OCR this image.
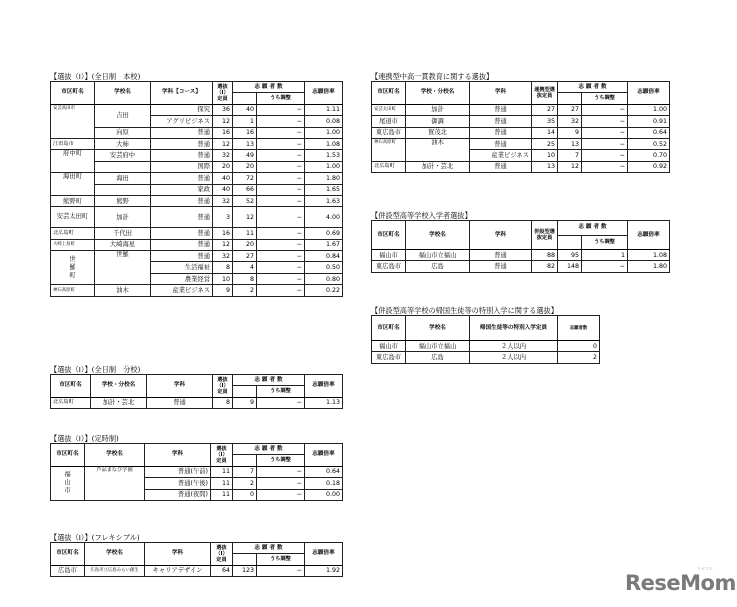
【選抜（Ⅰ）】(全日制　本校)
市区町名	学校名	学科【コース】	選抜（Ⅰ）定員	志 願 者 数		志願倍率
					うち調整	
安芸高田市	吉田	探究	36	40	−	1.11
		アグリビジネス	12	1	−	0.08
	向原	普通	16	16	−	1.00
江田島市	大柿	普通	12	13	−	1.08
府中町	安芸府中	普通	32	49	−	1.53
		国際	20	20	−	1.00
海田町	海田	普通	40	72	−	1.80
		家政	40	66	−	1.65
熊野町	熊野	普通	32	52	−	1.63
安芸太田町	加計	普通	3	12	−	4.00
北広島町	千代田	普通	16	11	−	0.69
大崎上島町	大崎海星	普通	12	20	−	1.67
世羅町	世羅	普通	32	27	−	0.84
		生活福祉	8	4	−	0.50
		農業経営	10	8	−	0.80
神石高原町	油木	産業ビジネス	9	2	−	0.22
【選抜（Ⅰ）】(全日制　分校)
市区町名	学校・分校名	学科	選抜（Ⅰ）定員	志 願 者 数		志願倍率
					うち調整	
北広島町	加計・芸北	普通	8	9	−	1.13
【選抜（Ⅰ）】(定時制)
市区町名	学校名	学科	選抜（Ⅰ）定員	志 願 者 数		志願倍率
					うち調整	
福山市	芦品まなび学園	普通(午前)	11	7	−	0.64
		普通(午後)	11	2	−	0.18
		普通(夜間)	11	0	−	0.00
【選抜（Ⅰ）】(フレキシブル)
市区町名	学校名	学科	選抜（Ⅰ）定員	志 願 者 数		志願倍率
					うち調整	
広島市	広島市立広島みらい創生	キャリアデザイン	64	123	−	1.92
【連携型中高一貫教育に関する選抜】
市区町名	学校・分校名	学科	連携型選抜定員	志 願 者 数		志願倍率
					うち調整	
安芸太田町	加計	普通	27	27	−	1.00
尾道市	御調	普通	35	32	−	0.91
東広島市	賀茂北	普通	14	9	−	0.64
神石高原町	油木	普通	25	13	−	0.52
		産業ビジネス	10	7	−	0.70
北広島町	加計・芸北	普通	13	12	−	0.92
【併設型高等学校入学者選抜】
市区町名	学校名	学科	併設型選抜定員	志 願 者 数		志願倍率
					うち調整	
福山市	福山市立福山	普通	88	95	1	1.08
東広島市	広島	普通	82	148	−	1.80
【併設型高等学校の帰国生徒等の特別入学に関する選抜】
市区町名	学校名	帰国生徒等の特別入学定員	志願者数
福山市	福山市立福山	２人以内	0
東広島市	広島	２人以内	2
リセマム
ReseMom
